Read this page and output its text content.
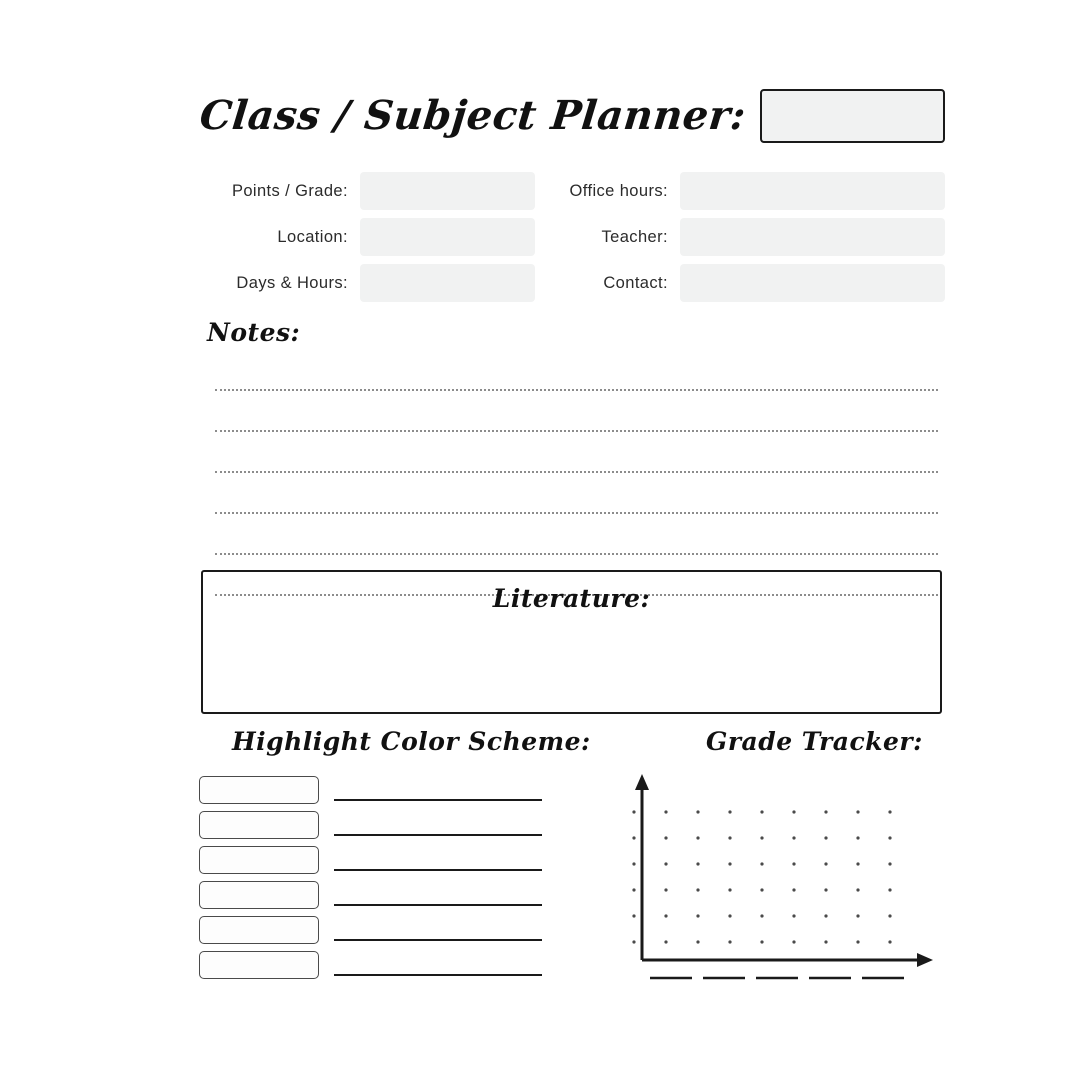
Class / Subject Planner:
Points / Grade:
Location:
Days & Hours:
Office hours:
Teacher:
Contact:
Notes:
Literature:
Highlight Color Scheme:	Grade Tracker:
